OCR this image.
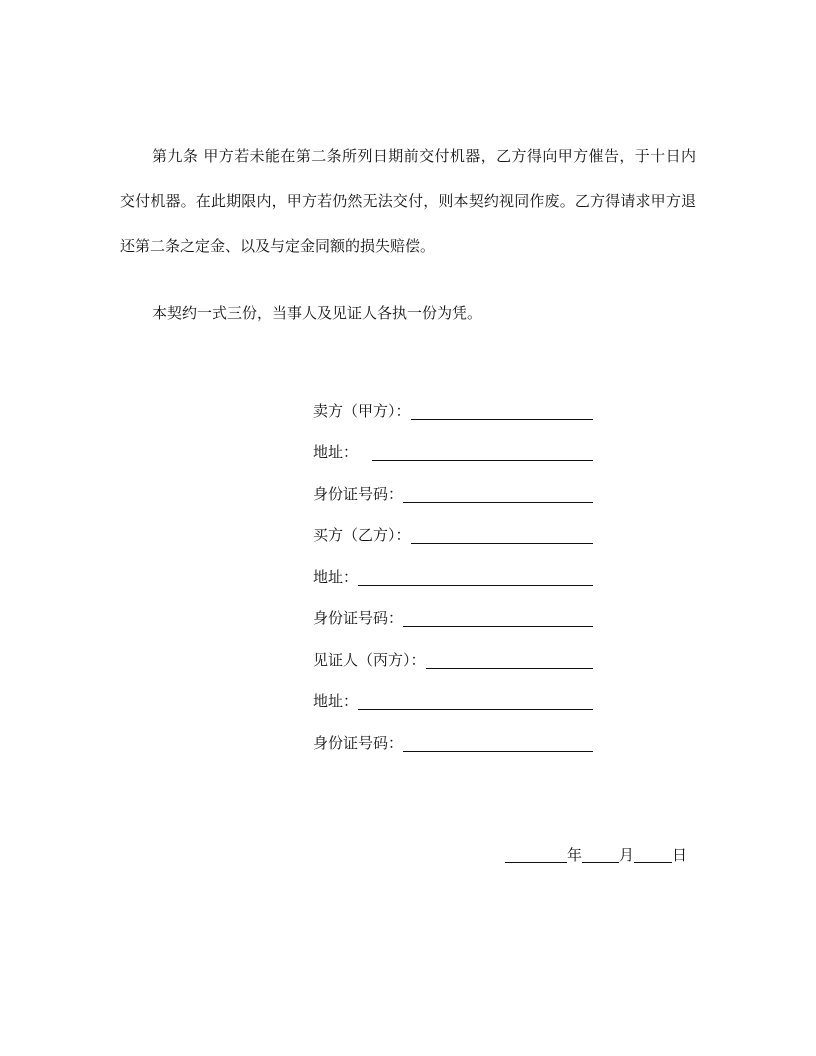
第九条 甲方若未能在第二条所列日期前交付机器，乙方得向甲方催告，于十日内交付机器。在此期限内，甲方若仍然无法交付，则本契约视同作废。乙方得请求甲方退还第二条之定金、以及与定金同额的损失赔偿。

本契约一式三份，当事人及见证人各执一份为凭。

卖方（甲方）：
地址：
身份证号码：
买方（乙方）：
地址：
身份证号码：
见证人（丙方）：
地址：
身份证号码：
年 月	日
